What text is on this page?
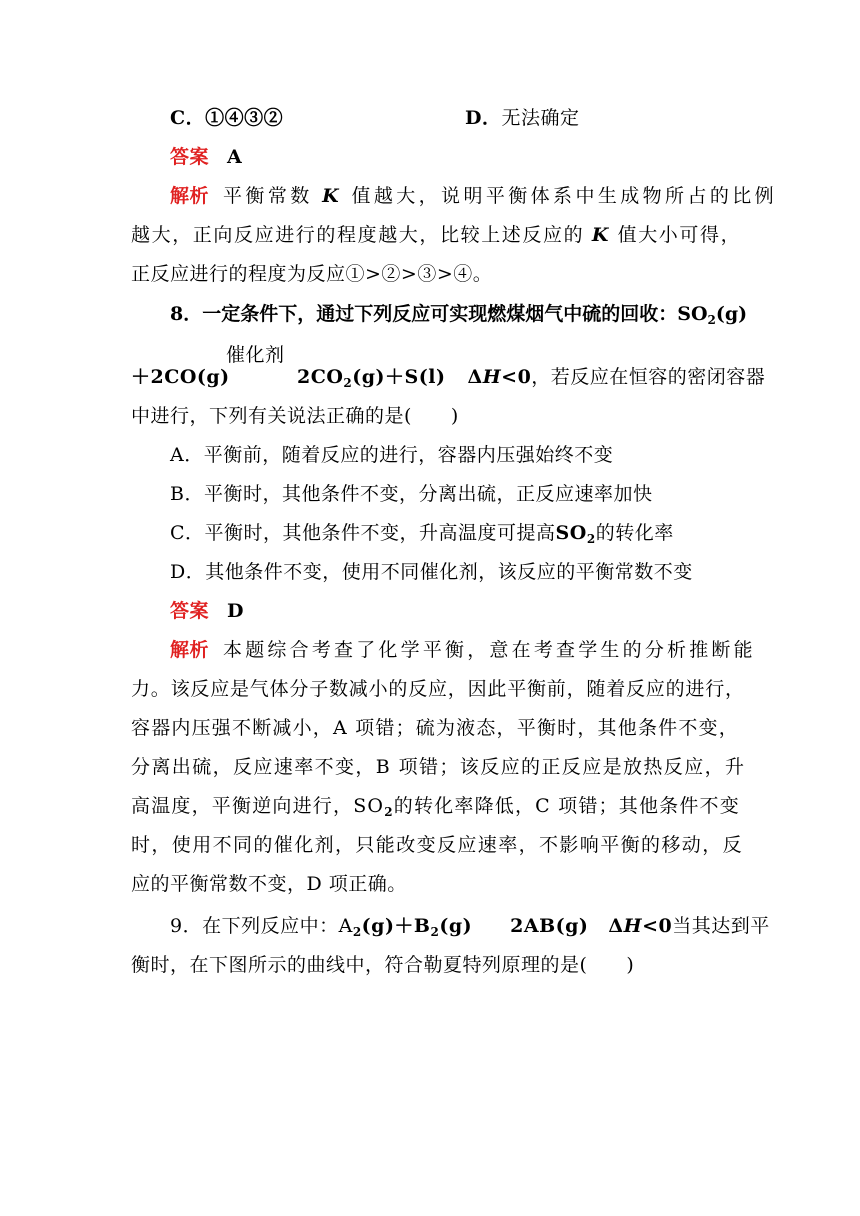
C．①④③②	D．无法确定
答案 A
解析 平衡常数 K 值越大，说明平衡体系中生成物所占的比例
越大，正向反应进行的程度越大，比较上述反应的 K 值大小可得，
正反应进行的程度为反应①>②>③>④。
8．一定条件下，通过下列反应可实现燃煤烟气中硫的回收：$SO_2(g)$
催化剂
＋2CO(g)	$2CO_2(g)+S(l)$ ΔH<0，若反应在恒容的密闭容器
中进行，下列有关说法正确的是(　　)
A．平衡前，随着反应的进行，容器内压强始终不变
B．平衡时，其他条件不变，分离出硫，正反应速率加快
C．平衡时，其他条件不变，升高温度可提高$SO_2$的转化率
D．其他条件不变，使用不同催化剂，该反应的平衡常数不变
答案 D
解析 本题综合考查了化学平衡，意在考查学生的分析推断能
力。该反应是气体分子数减小的反应，因此平衡前，随着反应的进行，
容器内压强不断减小，A 项错；硫为液态，平衡时，其他条件不变，
分离出硫，反应速率不变，B 项错；该反应的正反应是放热反应，升
高温度，平衡逆向进行，$SO_2$的转化率降低，C 项错；其他条件不变
时，使用不同的催化剂，只能改变反应速率，不影响平衡的移动，反
应的平衡常数不变，D 项正确。
9．在下列反应中：$A_2(g)+B_2(g)$ 2AB(g) ΔH<0当其达到平
衡时，在下图所示的曲线中，符合勒夏特列原理的是(　　)
